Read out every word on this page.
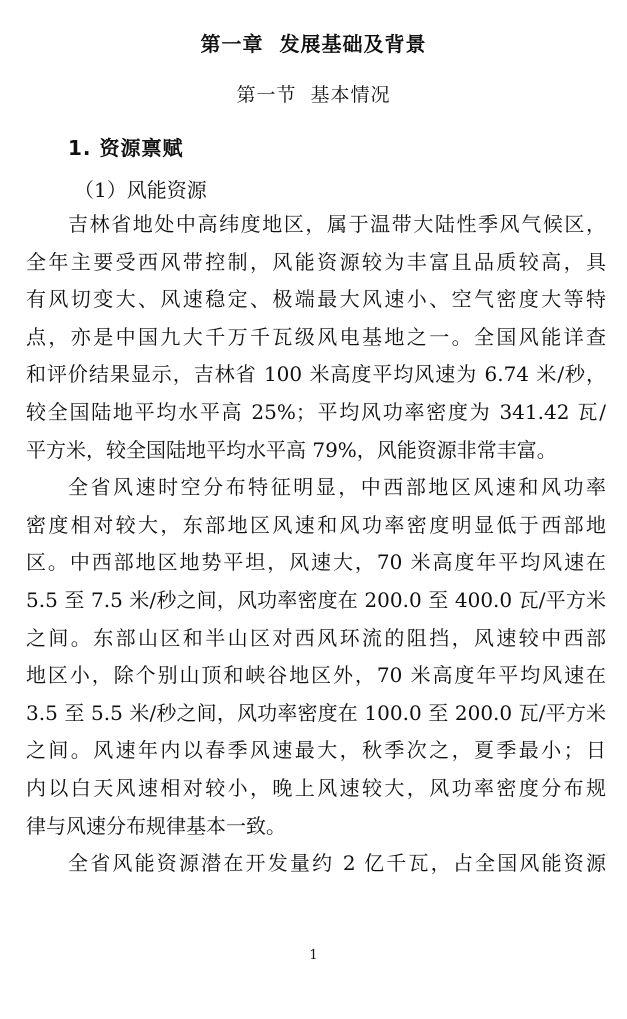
第一章  发展基础及背景
第一节  基本情况
1. 资源禀赋
（1）风能资源

吉林省地处中高纬度地区，属于温带大陆性季风气候区，
全年主要受西风带控制，风能资源较为丰富且品质较高，具
有风切变大、风速稳定、极端最大风速小、空气密度大等特
点，亦是中国九大千万千瓦级风电基地之一。全国风能详查
和评价结果显示，吉林省 100 米高度平均风速为 6.74 米/秒，
较全国陆地平均水平高 25%；平均风功率密度为 341.42 瓦/
平方米，较全国陆地平均水平高 79%，风能资源非常丰富。

全省风速时空分布特征明显，中西部地区风速和风功率
密度相对较大，东部地区风速和风功率密度明显低于西部地
区。中西部地区地势平坦，风速大，70 米高度年平均风速在
5.5 至 7.5 米/秒之间，风功率密度在 200.0 至 400.0 瓦/平方米
之间。东部山区和半山区对西风环流的阻挡，风速较中西部
地区小，除个别山顶和峡谷地区外，70 米高度年平均风速在
3.5 至 5.5 米/秒之间，风功率密度在 100.0 至 200.0 瓦/平方米
之间。风速年内以春季风速最大，秋季次之，夏季最小；日
内以白天风速相对较小，晚上风速较大，风功率密度分布规
律与风速分布规律基本一致。

全省风能资源潜在开发量约 2 亿千瓦，占全国风能资源

1
